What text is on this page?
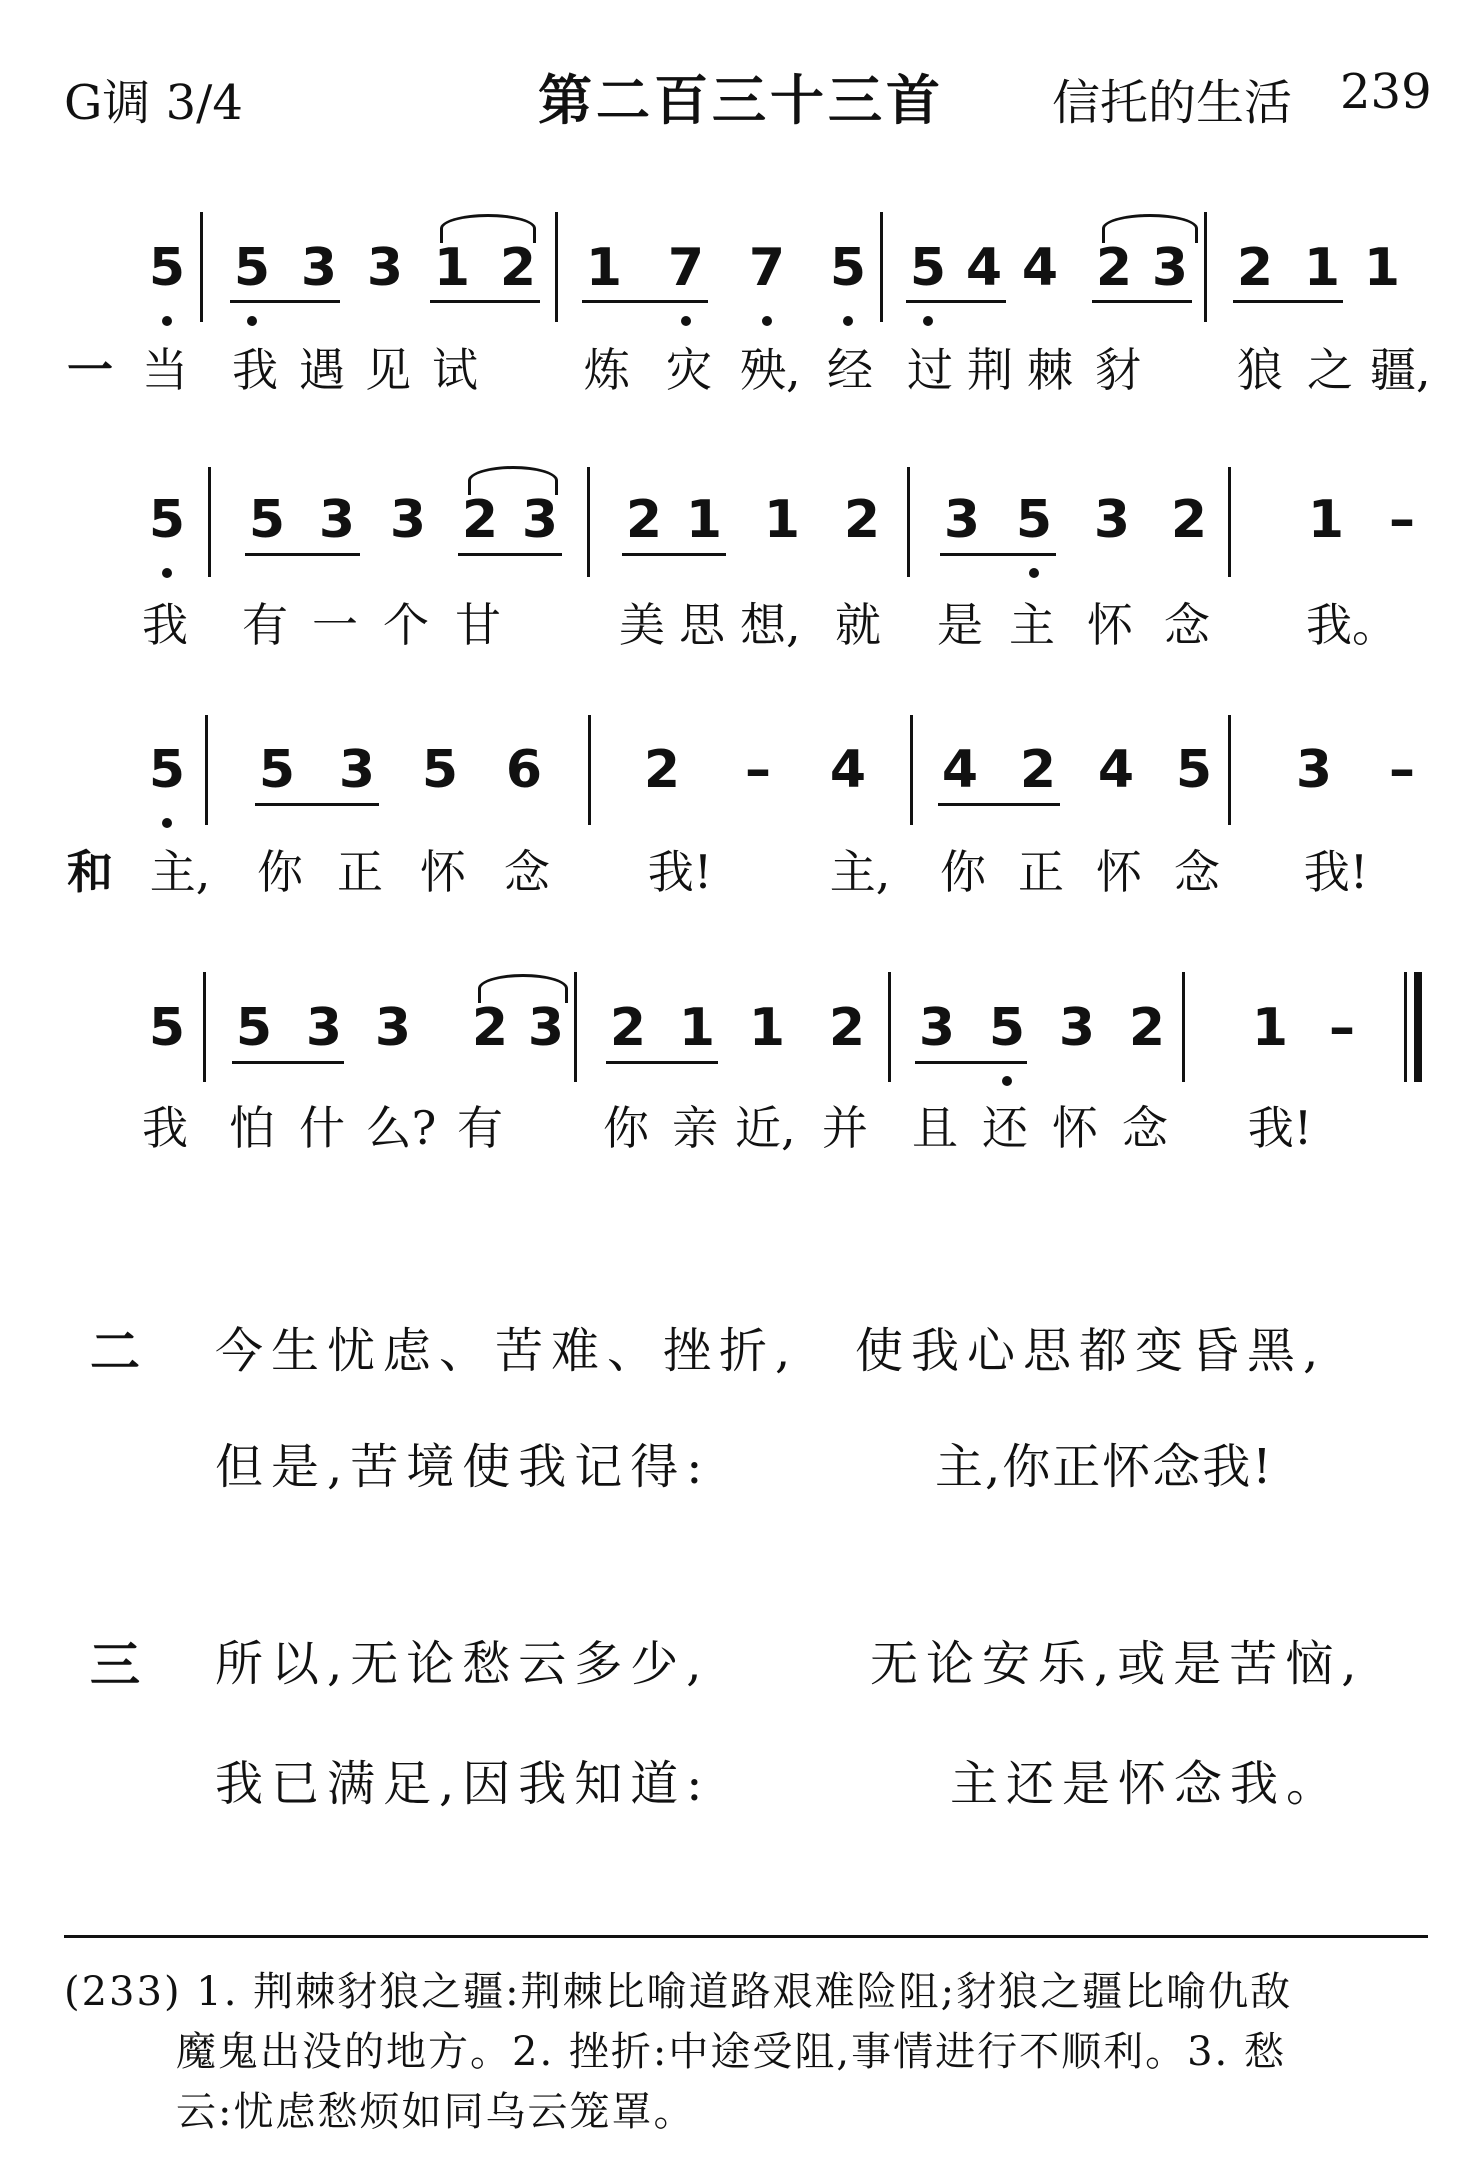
G调 3/4	第二百三十三首 信托的生活 239
5 5 3 3 1 2 1 7 7 5 5 4 4 2 3 2 1 1
一 当 我 遇 见 试 炼 灾 殃, 经 过 荆 棘 豺 狼 之 疆,
5 5 3 3 2 3 2 1 1 2 3 5 3 2 1 –
我 有 一 个 甘	美 思 想, 就 是 主 怀 念 我。
5 5 3 5 6 2 – 4 4 2 4 5 3 –
和 主, 你 正 怀 念 我!	主, 你 正 怀 念 我!
5 5 3 3 2 3 2 1 1 2 3 5 3 2 1 –
我 怕 什 么? 有 你 亲 近, 并 且 还 怀 念 我!
二 今生忧虑、苦难、挫折, 使我心思都变昏黑,
但是,苦境使我记得:	主,你正怀念我!
三 所以,无论愁云多少,	无论安乐,或是苦恼,
我已满足,因我知道:	主还是怀念我。
(233) 1. 荆棘豺狼之疆:荆棘比喻道路艰难险阻;豺狼之疆比喻仇敌
魔鬼出没的地方。2. 挫折:中途受阻,事情进行不顺利。3. 愁
云:忧虑愁烦如同乌云笼罩。
